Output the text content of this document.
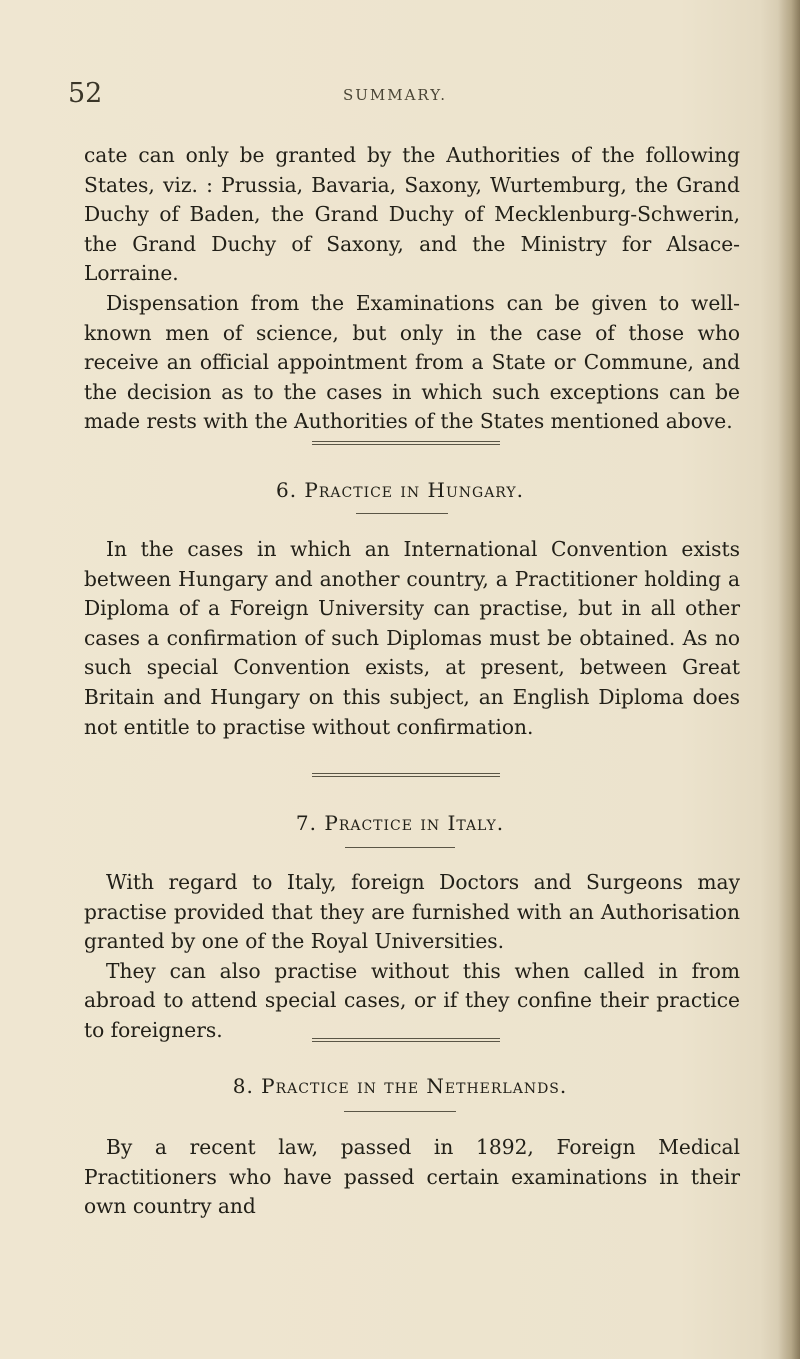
52	SUMMARY.

cate can only be granted by the Authorities of the following States, viz. : Prussia, Bavaria, Saxony, Wurtemburg, the Grand Duchy of Baden, the Grand Duchy of Mecklenburg-Schwerin, the Grand Duchy of Saxony, and the Ministry for Alsace-Lorraine.

Dispensation from the Examinations can be given to well-known men of science, but only in the case of those who receive an official appointment from a State or Commune, and the decision as to the cases in which such exceptions can be made rests with the Authorities of the States mentioned above.

6. Practice in Hungary.

In the cases in which an International Convention exists between Hungary and another country, a Practitioner holding a Diploma of a Foreign University can practise, but in all other cases a confirmation of such Diplomas must be obtained. As no such special Convention exists, at present, between Great Britain and Hungary on this subject, an English Diploma does not entitle to practise without confirmation.

7. Practice in Italy.

With regard to Italy, foreign Doctors and Surgeons may practise provided that they are furnished with an Authorisation granted by one of the Royal Universities.

They can also practise without this when called in from abroad to attend special cases, or if they confine their practice to foreigners.

8. Practice in the Netherlands.

By a recent law, passed in 1892, Foreign Medical Practitioners who have passed certain examinations in their own country and
